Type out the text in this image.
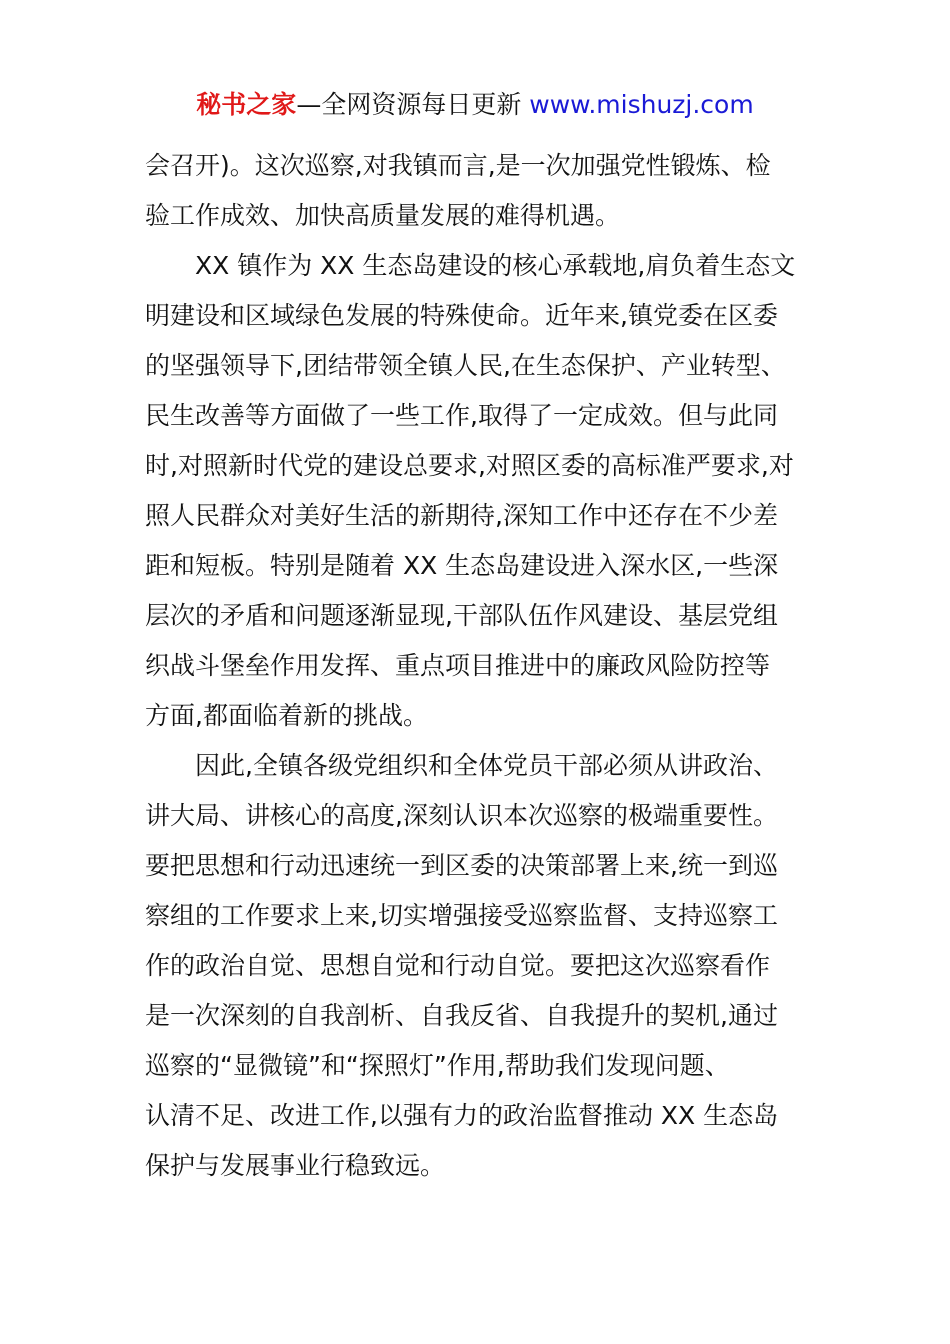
秘书之家—全网资源每日更新 www.mishuzj.com
会召开)。这次巡察,对我镇而言,是一次加强党性锻炼、检
验工作成效、加快高质量发展的难得机遇。
　　XX 镇作为 XX 生态岛建设的核心承载地,肩负着生态文
明建设和区域绿色发展的特殊使命。近年来,镇党委在区委
的坚强领导下,团结带领全镇人民,在生态保护、产业转型、
民生改善等方面做了一些工作,取得了一定成效。但与此同
时,对照新时代党的建设总要求,对照区委的高标准严要求,对
照人民群众对美好生活的新期待,深知工作中还存在不少差
距和短板。特别是随着 XX 生态岛建设进入深水区,一些深
层次的矛盾和问题逐渐显现,干部队伍作风建设、基层党组
织战斗堡垒作用发挥、重点项目推进中的廉政风险防控等
方面,都面临着新的挑战。
　　因此,全镇各级党组织和全体党员干部必须从讲政治、
讲大局、讲核心的高度,深刻认识本次巡察的极端重要性。
要把思想和行动迅速统一到区委的决策部署上来,统一到巡
察组的工作要求上来,切实增强接受巡察监督、支持巡察工
作的政治自觉、思想自觉和行动自觉。要把这次巡察看作
是一次深刻的自我剖析、自我反省、自我提升的契机,通过
巡察的“显微镜”和“探照灯”作用,帮助我们发现问题、
认清不足、改进工作,以强有力的政治监督推动 XX 生态岛
保护与发展事业行稳致远。
